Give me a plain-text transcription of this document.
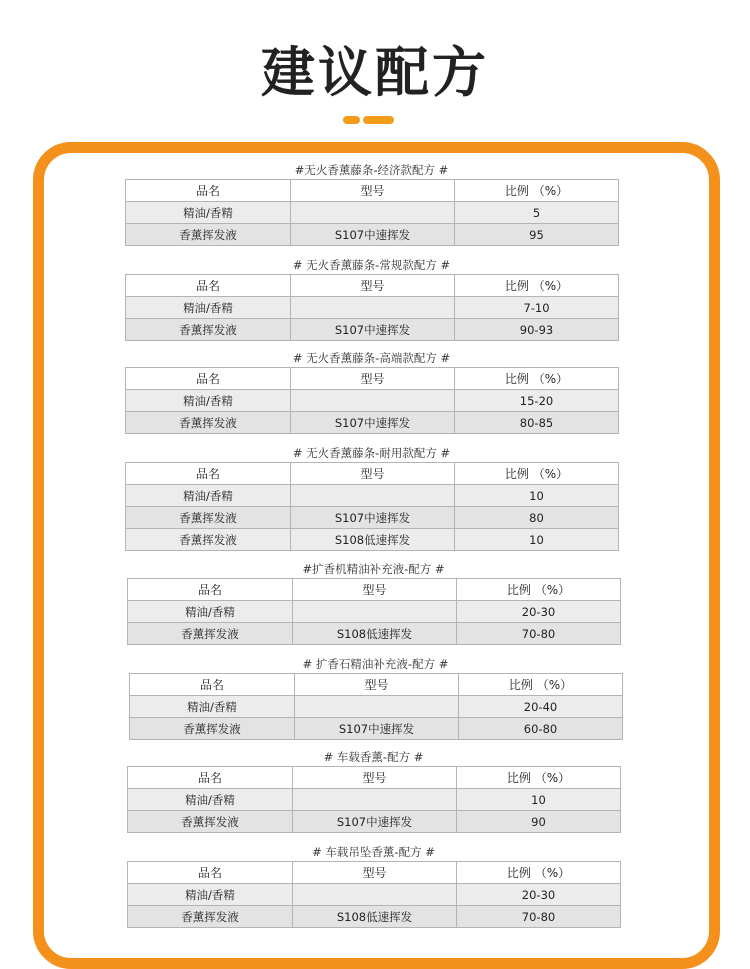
建议配方
#无火香薰藤条-经济款配方 #
品名	型号	比例 （%）
精油/香精		5
香薰挥发液	S107中速挥发	95
# 无火香薰藤条-常规款配方 #
品名	型号	比例 （%）
精油/香精		7-10
香薰挥发液	S107中速挥发	90-93
# 无火香薰藤条-高端款配方 #
品名	型号	比例 （%）
精油/香精		15-20
香薰挥发液	S107中速挥发	80-85
# 无火香薰藤条-耐用款配方 #
品名	型号	比例 （%）
精油/香精		10
香薰挥发液	S107中速挥发	80
香薰挥发液	S108低速挥发	10
#扩香机精油补充液-配方 #
品名	型号	比例 （%）
精油/香精		20-30
香薰挥发液	S108低速挥发	70-80
# 扩香石精油补充液-配方 #
品名	型号	比例 （%）
精油/香精		20-40
香薰挥发液	S107中速挥发	60-80
# 车载香薰-配方 #
品名	型号	比例 （%）
精油/香精		10
香薰挥发液	S107中速挥发	90
# 车载吊坠香薰-配方 #
品名	型号	比例 （%）
精油/香精		20-30
香薰挥发液	S108低速挥发	70-80
